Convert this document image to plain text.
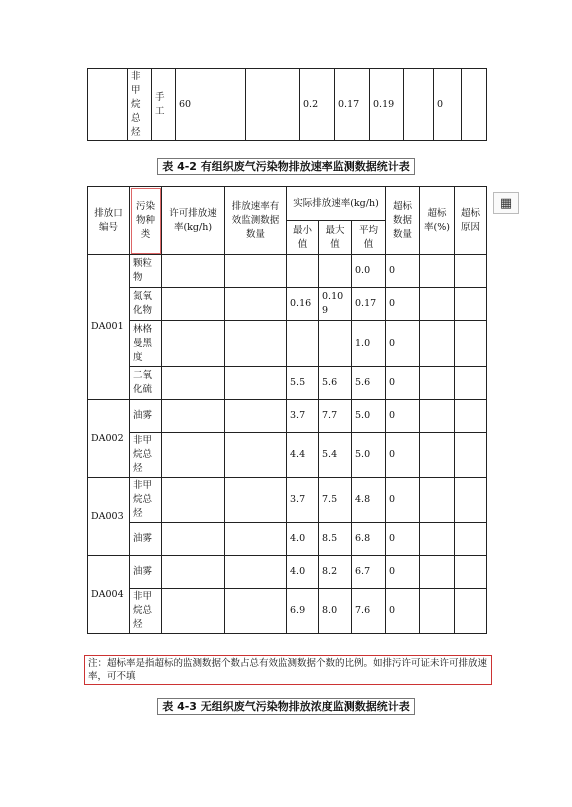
	非甲烷总烃	手工	60		0.2	0.17	0.19		0	
表 4-2 有组织废气污染物排放速率监测数据统计表
排放口编号	污染物种类	许可排放速率(kg/h)	排放速率有效监测数据数量	实际排放速率(kg/h)			超标数据数量	超标率(%)	超标原因
				最小值	最大值	平均值			
DA001	颗粒物					0.0	0		
	氮氧化物			0.16	0.109	0.17	0		
	林格曼黑度					1.0	0		
	二氧化硫			5.5	5.6	5.6	0		
DA002	油雾			3.7	7.7	5.0	0		
	非甲烷总烃			4.4	5.4	5.0	0		
DA003	非甲烷总烃			3.7	7.5	4.8	0		
	油雾			4.0	8.5	6.8	0		
DA004	油雾			4.0	8.2	6.7	0		
	非甲烷总烃			6.9	8.0	7.6	0		
▦
注：超标率是指超标的监测数据个数占总有效监测数据个数的比例。如排污许可证未许可排放速率，可不填
表 4-3 无组织废气污染物排放浓度监测数据统计表
